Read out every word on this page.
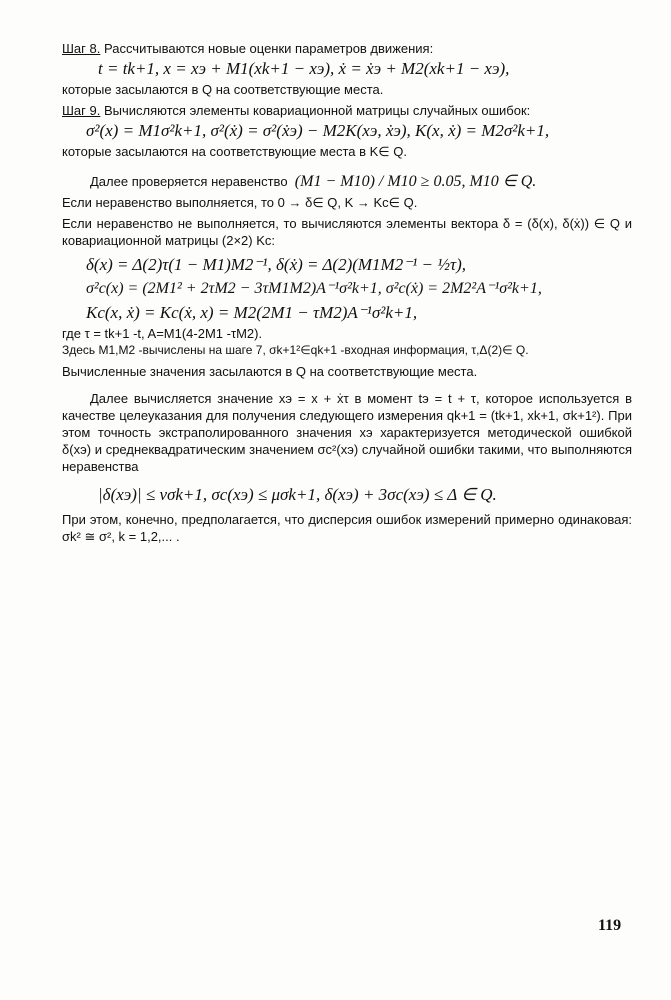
Шаг 8. Рассчитываются новые оценки параметров движения:

t = tk+1, x = xэ + M1(xk+1 − xэ), ẋ = ẋэ + M2(xk+1 − xэ),

которые засылаются в Q на соответствующие места.

Шаг 9. Вычисляются элементы ковариационной матрицы случайных ошибок:

σ²(x) = M1σ²k+1, σ²(ẋ) = σ²(ẋэ) − M2K(xэ, ẋэ), K(x, ẋ) = M2σ²k+1,

которые засылаются на соответствующие места в K∈ Q.

Далее проверяется неравенство (M1 − M10) / M10 ≥ 0.05, M10 ∈ Q.

Если неравенство выполняется, то 0 → δ∈ Q, K → Kc∈ Q.

Если неравенство не выполняется, то вычисляются элементы вектора δ = (δ(x), δ(ẋ)) ∈ Q и ковариационной матрицы (2×2) Kc:

δ(x) = Δ(2)τ(1 − M1)M2⁻¹, δ(ẋ) = Δ(2)(M1M2⁻¹ − ½τ),

σ²c(x) = (2M1² + 2τM2 − 3τM1M2)A⁻¹σ²k+1, σ²c(ẋ) = 2M2²A⁻¹σ²k+1,

Kc(x, ẋ) = Kc(ẋ, x) = M2(2M1 − τM2)A⁻¹σ²k+1,

где τ = tk+1 -t, A=M1(4-2M1 -τM2).

Здесь M1,M2 -вычислены на шаге 7, σk+1²∈qk+1 -входная информация, τ,Δ(2)∈ Q.

Вычисленные значения засылаются в Q на соответствующие места.

Далее вычисляется значение xэ = x + ẋτ в момент tэ = t + τ, которое используется в качестве целеуказания для получения следующего измерения qk+1 = (tk+1, xk+1, σk+1²). При этом точность экстраполированного значения xэ характеризуется методической ошибкой δ(xэ) и среднеквадратическим значением σc²(xэ) случайной ошибки такими, что выполняются неравенства

|δ(xэ)| ≤ νσk+1, σc(xэ) ≤ μσk+1, δ(xэ) + 3σc(xэ) ≤ Δ ∈ Q.

При этом, конечно, предполагается, что дисперсия ошибок измерений примерно одинаковая: σk² ≅ σ², k = 1,2,... .

119
